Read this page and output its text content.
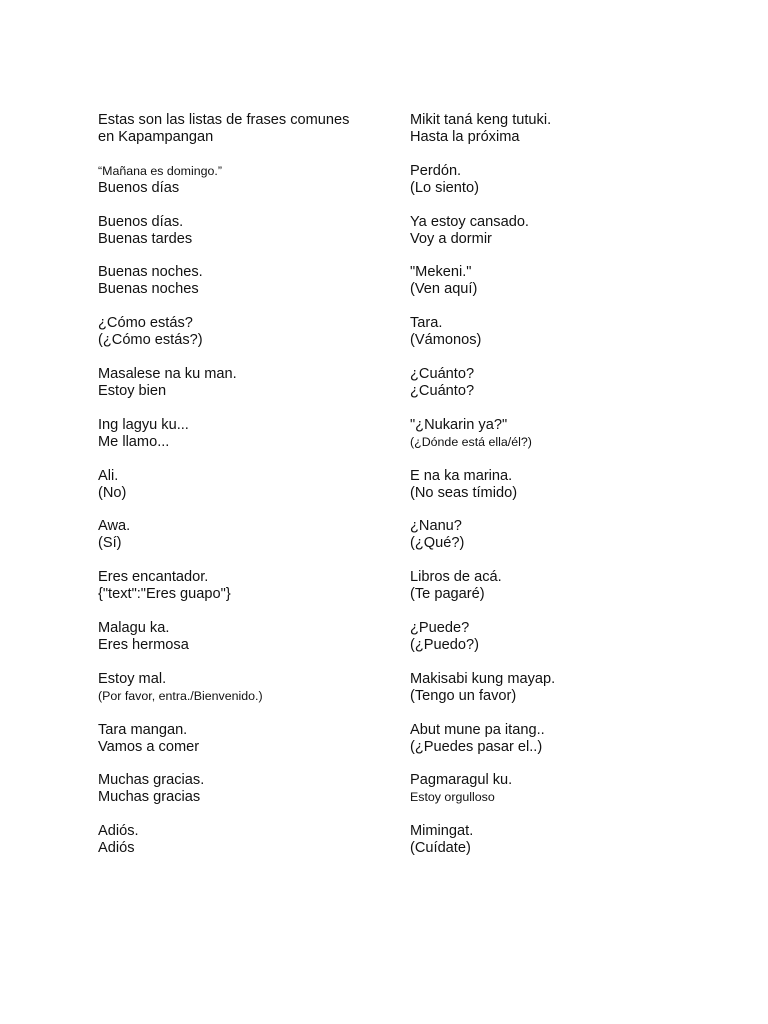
Estas son las listas de frases comunes
en Kapampangan
“Mañana es domingo.”
Buenos días
Buenos días.
Buenas tardes
Buenas noches.
Buenas noches
¿Cómo estás?
(¿Cómo estás?)
Masalese na ku man.
Estoy bien
Ing lagyu ku...
Me llamo...
Ali.
(No)
Awa.
(Sí)
Eres encantador.
{"text":"Eres guapo"}
Malagu ka.
Eres hermosa
Estoy mal.
(Por favor, entra./Bienvenido.)
Tara mangan.
Vamos a comer
Muchas gracias.
Muchas gracias
Adiós.
Adiós
Mikit taná keng tutuki.
Hasta la próxima
Perdón.
(Lo siento)
Ya estoy cansado.
Voy a dormir
"Mekeni."
(Ven aquí)
Tara.
(Vámonos)
¿Cuánto?
¿Cuánto?
"¿Nukarin ya?"
(¿Dónde está ella/él?)
E na ka marina.
(No seas tímido)
¿Nanu?
(¿Qué?)
Libros de acá.
(Te pagaré)
¿Puede?
(¿Puedo?)
Makisabi kung mayap.
(Tengo un favor)
Abut mune pa itang..
(¿Puedes pasar el..)
Pagmaragul ku.
Estoy orgulloso
Mimingat.
(Cuídate)
